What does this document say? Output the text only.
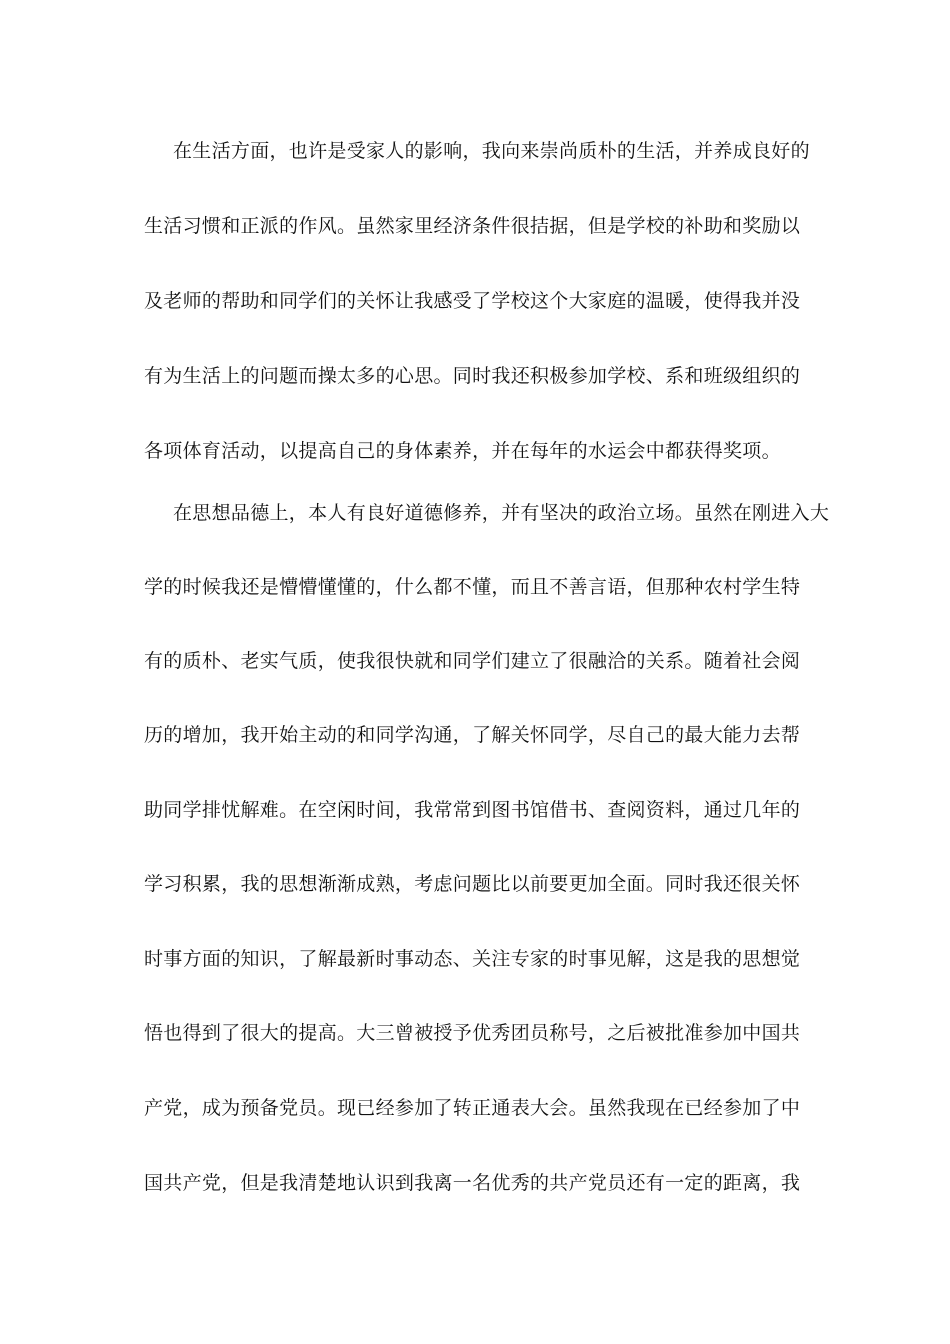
在生活方面，也许是受家人的影响，我向来崇尚质朴的生活，并养成良好的
生活习惯和正派的作风。虽然家里经济条件很拮据，但是学校的补助和奖励以
及老师的帮助和同学们的关怀让我感受了学校这个大家庭的温暖，使得我并没
有为生活上的问题而操太多的心思。同时我还积极参加学校、系和班级组织的
各项体育活动，以提高自己的身体素养，并在每年的水运会中都获得奖项。
在思想品德上，本人有良好道德修养，并有坚决的政治立场。虽然在刚进入大
学的时候我还是懵懵懂懂的，什么都不懂，而且不善言语，但那种农村学生特
有的质朴、老实气质，使我很快就和同学们建立了很融洽的关系。随着社会阅
历的增加，我开始主动的和同学沟通，了解关怀同学，尽自己的最大能力去帮
助同学排忧解难。在空闲时间，我常常到图书馆借书、查阅资料，通过几年的
学习积累，我的思想渐渐成熟，考虑问题比以前要更加全面。同时我还很关怀
时事方面的知识，了解最新时事动态、关注专家的时事见解，这是我的思想觉
悟也得到了很大的提高。大三曾被授予优秀团员称号，之后被批准参加中国共
产党，成为预备党员。现已经参加了转正通表大会。虽然我现在已经参加了中
国共产党，但是我清楚地认识到我离一名优秀的共产党员还有一定的距离，我
